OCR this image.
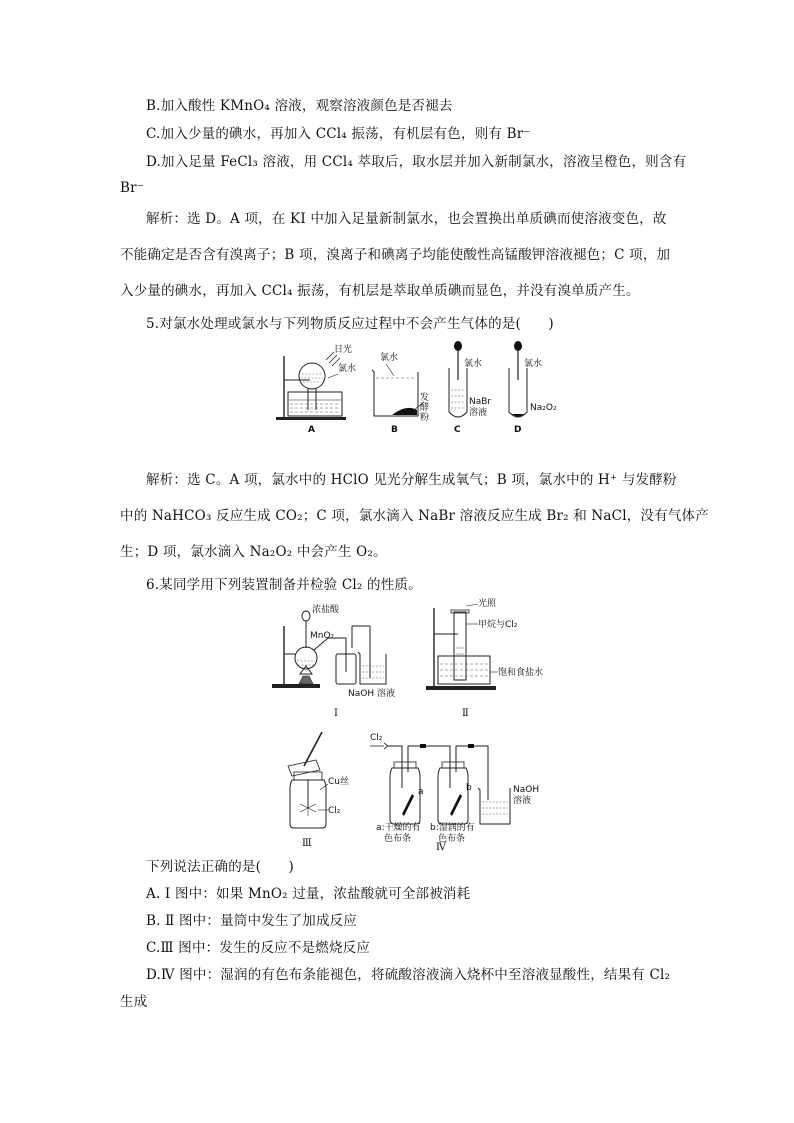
B.加入酸性 KMnO₄ 溶液，观察溶液颜色是否褪去
C.加入少量的碘水，再加入 CCl₄ 振荡，有机层有色，则有 Br⁻
D.加入足量 FeCl₃ 溶液，用 CCl₄ 萃取后，取水层并加入新制氯水，溶液呈橙色，则含有
Br⁻
解析：选 D。A 项，在 KI 中加入足量新制氯水，也会置换出单质碘而使溶液变色，故
不能确定是否含有溴离子；B 项，溴离子和碘离子均能使酸性高锰酸钾溶液褪色；C 项，加
入少量的碘水，再加入 CCl₄ 振荡，有机层是萃取单质碘而显色，并没有溴单质产生。
5.对氯水处理或氯水与下列物质反应过程中不会产生气体的是(　　)
日光
氯水
A
氯水
发
酵
粉
B
氯水
NaBr
溶液
C
氯水
Na₂O₂
D
解析：选 C。A 项，氯水中的 HClO 见光分解生成氧气；B 项，氯水中的 H⁺ 与发酵粉
中的 NaHCO₃ 反应生成 CO₂；C 项，氯水滴入 NaBr 溶液反应生成 Br₂ 和 NaCl，没有气体产
生；D 项，氯水滴入 Na₂O₂ 中会产生 O₂。
6.某同学用下列装置制备并检验 Cl₂ 的性质。
浓盐酸
MnO₂
NaOH 溶液
Ⅰ
光照
甲烷与Cl₂
饱和食盐水
Ⅱ
Cu丝
Cl₂
Ⅲ
Cl₂
a	b	NaOH
溶液
a:干燥的有
色布条
b:湿润的有
色布条
Ⅳ
下列说法正确的是(　　)
A. Ⅰ 图中：如果 MnO₂ 过量，浓盐酸就可全部被消耗
B. Ⅱ 图中：量筒中发生了加成反应
C.Ⅲ 图中：发生的反应不是燃烧反应
D.Ⅳ 图中：湿润的有色布条能褪色，将硫酸溶液滴入烧杯中至溶液显酸性，结果有 Cl₂
生成
